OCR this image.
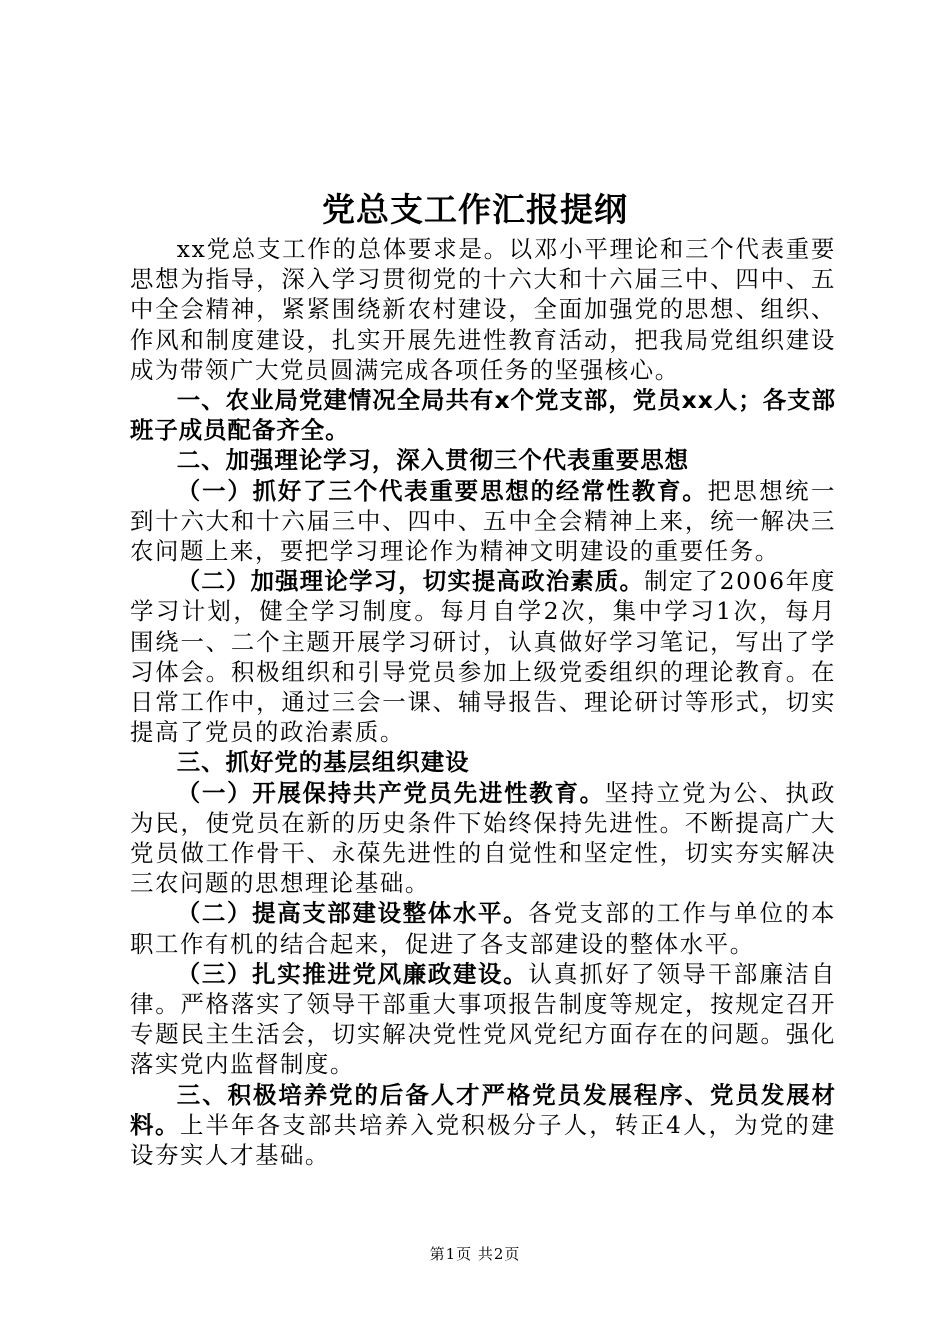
党总支工作汇报提纲

xx党总支工作的总体要求是。以邓小平理论和三个代表重要思想为指导，深入学习贯彻党的十六大和十六届三中、四中、五中全会精神，紧紧围绕新农村建设，全面加强党的思想、组织、作风和制度建设，扎实开展先进性教育活动，把我局党组织建设成为带领广大党员圆满完成各项任务的坚强核心。

一、农业局党建情况全局共有x个党支部，党员xx人；各支部班子成员配备齐全。

二、加强理论学习，深入贯彻三个代表重要思想

（一）抓好了三个代表重要思想的经常性教育。把思想统一到十六大和十六届三中、四中、五中全会精神上来，统一解决三农问题上来，要把学习理论作为精神文明建设的重要任务。

（二）加强理论学习，切实提高政治素质。制定了2006年度学习计划，健全学习制度。每月自学2次，集中学习1次，每月围绕一、二个主题开展学习研讨，认真做好学习笔记，写出了学习体会。积极组织和引导党员参加上级党委组织的理论教育。在日常工作中，通过三会一课、辅导报告、理论研讨等形式，切实提高了党员的政治素质。

三、抓好党的基层组织建设

（一）开展保持共产党员先进性教育。坚持立党为公、执政为民，使党员在新的历史条件下始终保持先进性。不断提高广大党员做工作骨干、永葆先进性的自觉性和坚定性，切实夯实解决三农问题的思想理论基础。

（二）提高支部建设整体水平。各党支部的工作与单位的本职工作有机的结合起来，促进了各支部建设的整体水平。

（三）扎实推进党风廉政建设。认真抓好了领导干部廉洁自律。严格落实了领导干部重大事项报告制度等规定，按规定召开专题民主生活会，切实解决党性党风党纪方面存在的问题。强化落实党内监督制度。

三、积极培养党的后备人才严格党员发展程序、党员发展材料。上半年各支部共培养入党积极分子人，转正4人，为党的建设夯实人才基础。

第1页 共2页
